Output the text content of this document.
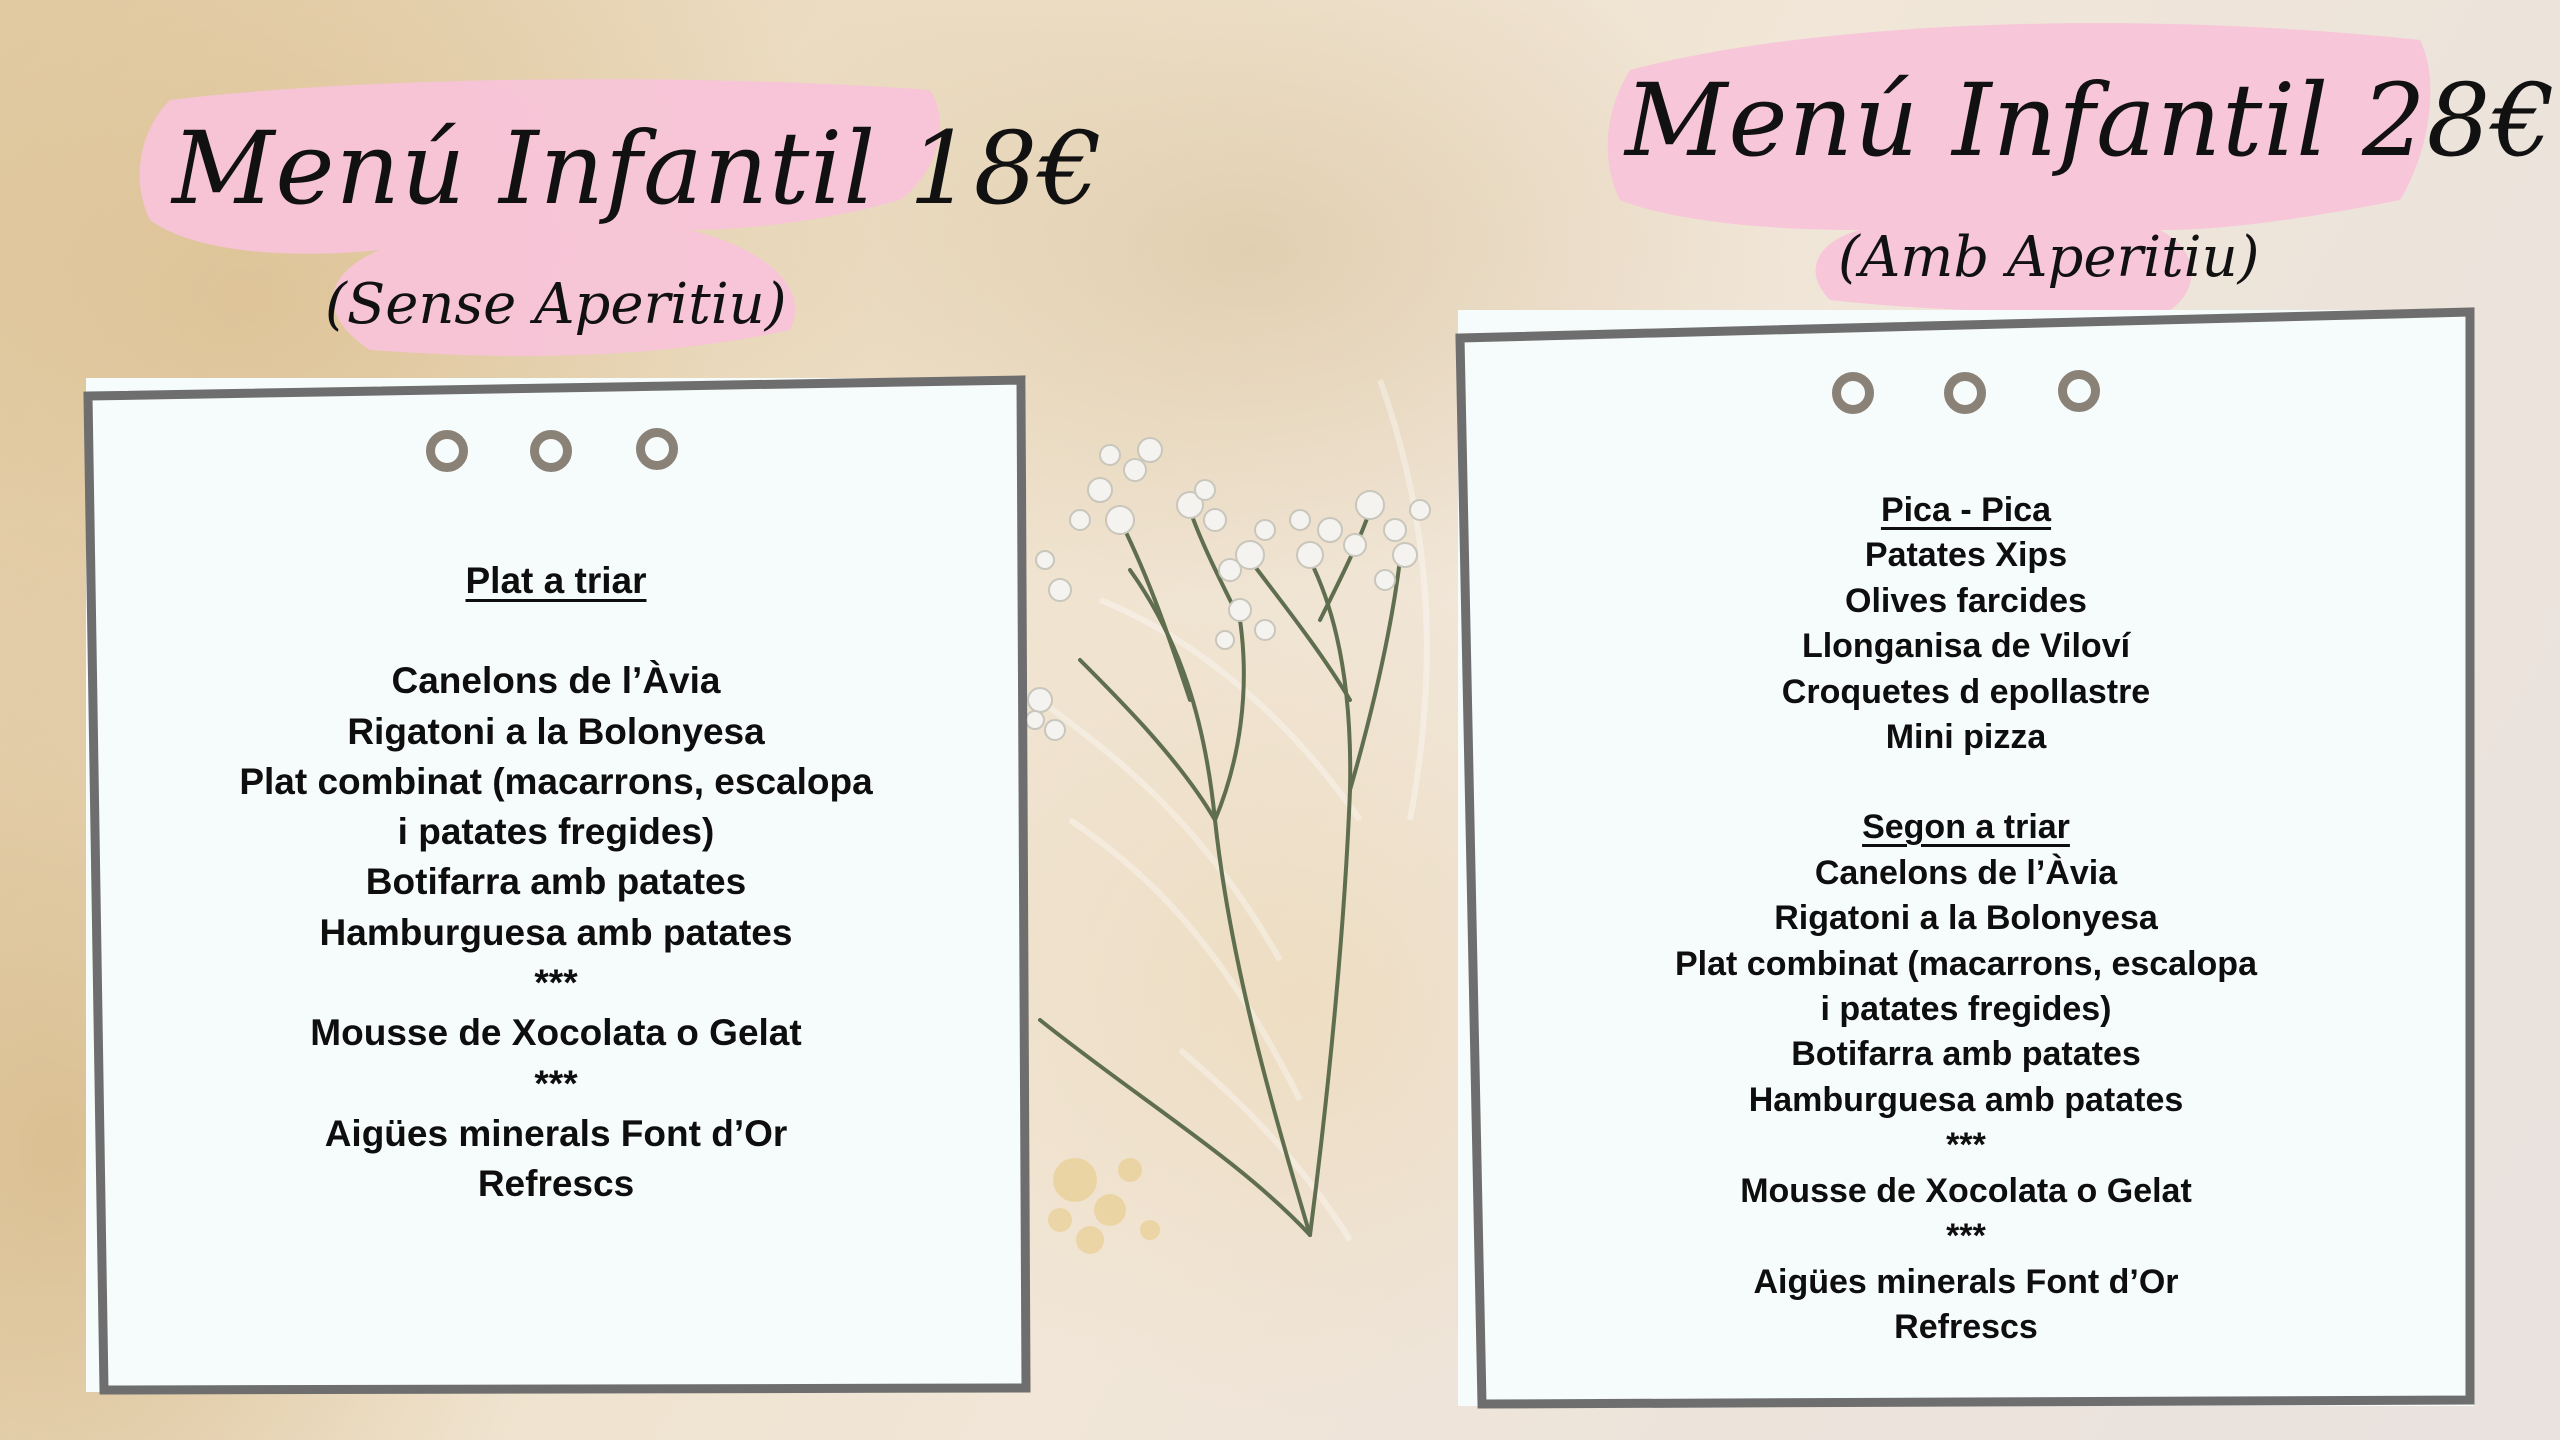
Menú Infantil 18€
(Sense Aperitiu)
Plat a triar
Canelons de l’Àvia
Rigatoni a la Bolonyesa
Plat combinat (macarrons, escalopa
i patates fregides)
Botifarra amb patates
Hamburguesa amb patates
***
Mousse de Xocolata o Gelat
***
Aigües minerals Font d’Or
Refrescs
Menú Infantil 28€
(Amb Aperitiu)
Pica - Pica
Patates Xips
Olives farcides
Llonganisa de Viloví
Croquetes d epollastre
Mini pizza
Segon a triar
Canelons de l’Àvia
Rigatoni a la Bolonyesa
Plat combinat (macarrons, escalopa
i patates fregides)
Botifarra amb patates
Hamburguesa amb patates
***
Mousse de Xocolata o Gelat
***
Aigües minerals Font d’Or
Refrescs
